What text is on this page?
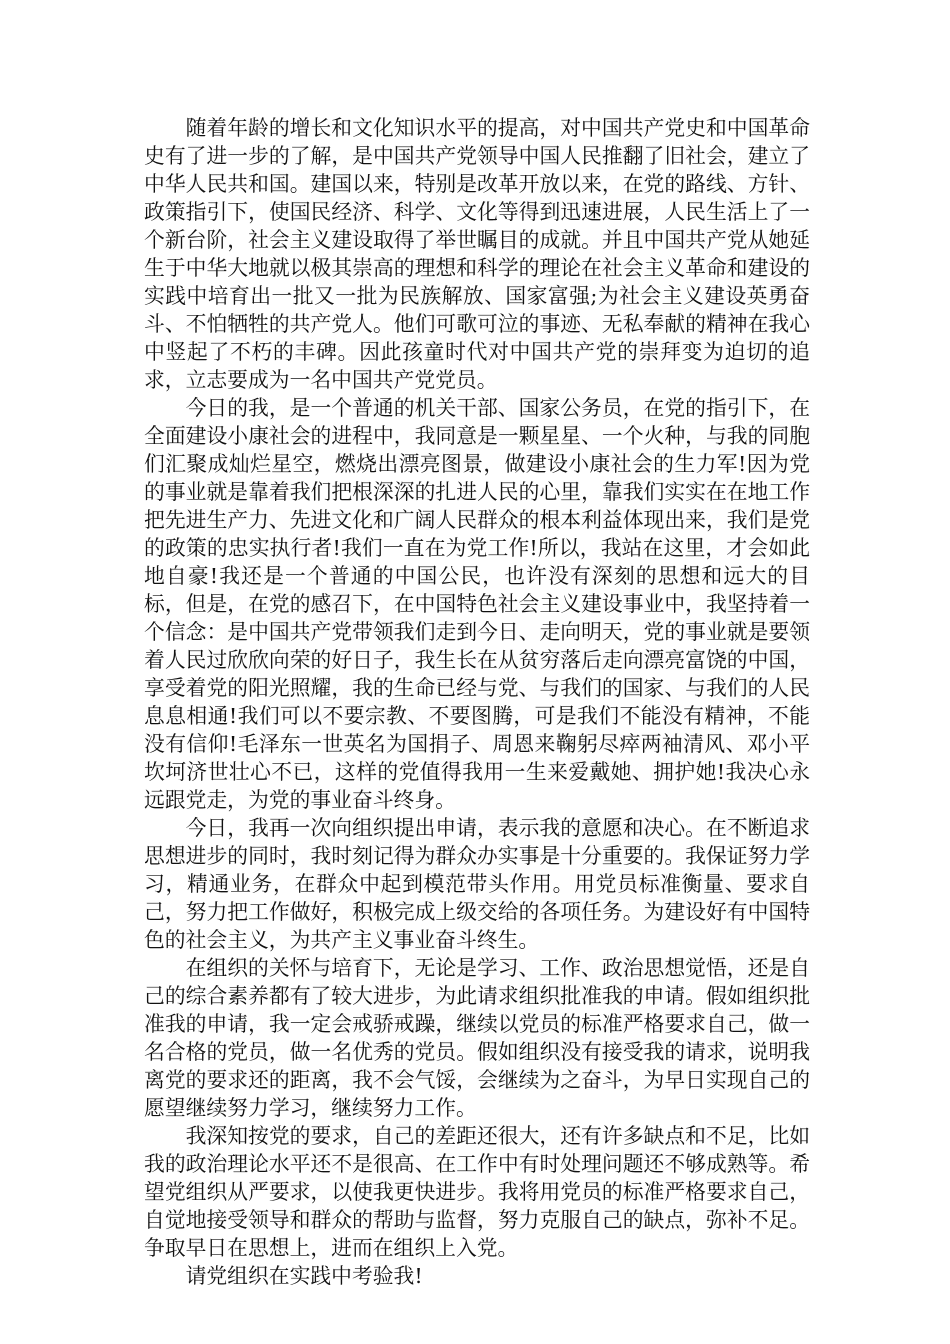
随着年龄的增长和文化知识水平的提高，对中国共产党史和中国革命史有了进一步的了解，是中国共产党领导中国人民推翻了旧社会，建立了中华人民共和国。建国以来，特别是改革开放以来，在党的路线、方针、政策指引下，使国民经济、科学、文化等得到迅速进展，人民生活上了一个新台阶，社会主义建设取得了举世瞩目的成就。并且中国共产党从她延生于中华大地就以极其崇高的理想和科学的理论在社会主义革命和建设的实践中培育出一批又一批为民族解放、国家富强;为社会主义建设英勇奋斗、不怕牺牲的共产党人。他们可歌可泣的事迹、无私奉献的精神在我心中竖起了不朽的丰碑。因此孩童时代对中国共产党的崇拜变为迫切的追求，立志要成为一名中国共产党党员。

今日的我，是一个普通的机关干部、国家公务员，在党的指引下，在全面建设小康社会的进程中，我同意是一颗星星、一个火种，与我的同胞们汇聚成灿烂星空，燃烧出漂亮图景，做建设小康社会的生力军!因为党的事业就是靠着我们把根深深的扎进人民的心里，靠我们实实在在地工作把先进生产力、先进文化和广阔人民群众的根本利益体现出来，我们是党的政策的忠实执行者!我们一直在为党工作!所以，我站在这里，才会如此地自豪!我还是一个普通的中国公民，也许没有深刻的思想和远大的目标，但是，在党的感召下，在中国特色社会主义建设事业中，我坚持着一个信念：是中国共产党带领我们走到今日、走向明天，党的事业就是要领着人民过欣欣向荣的好日子，我生长在从贫穷落后走向漂亮富饶的中国，享受着党的阳光照耀，我的生命已经与党、与我们的国家、与我们的人民息息相通!我们可以不要宗教、不要图腾，可是我们不能没有精神，不能没有信仰!毛泽东一世英名为国捐子、周恩来鞠躬尽瘁两袖清风、邓小平坎坷济世壮心不已，这样的党值得我用一生来爱戴她、拥护她!我决心永远跟党走，为党的事业奋斗终身。

今日，我再一次向组织提出申请，表示我的意愿和决心。在不断追求思想进步的同时，我时刻记得为群众办实事是十分重要的。我保证努力学习，精通业务，在群众中起到模范带头作用。用党员标准衡量、要求自己，努力把工作做好，积极完成上级交给的各项任务。为建设好有中国特色的社会主义，为共产主义事业奋斗终生。

在组织的关怀与培育下，无论是学习、工作、政治思想觉悟，还是自己的综合素养都有了较大进步，为此请求组织批准我的申请。假如组织批准我的申请，我一定会戒骄戒躁，继续以党员的标准严格要求自己，做一名合格的党员，做一名优秀的党员。假如组织没有接受我的请求，说明我离党的要求还的距离，我不会气馁，会继续为之奋斗，为早日实现自己的愿望继续努力学习，继续努力工作。

我深知按党的要求，自己的差距还很大，还有许多缺点和不足，比如我的政治理论水平还不是很高、在工作中有时处理问题还不够成熟等。希望党组织从严要求，以使我更快进步。我将用党员的标准严格要求自己，自觉地接受领导和群众的帮助与监督，努力克服自己的缺点，弥补不足。争取早日在思想上，进而在组织上入党。

请党组织在实践中考验我!
